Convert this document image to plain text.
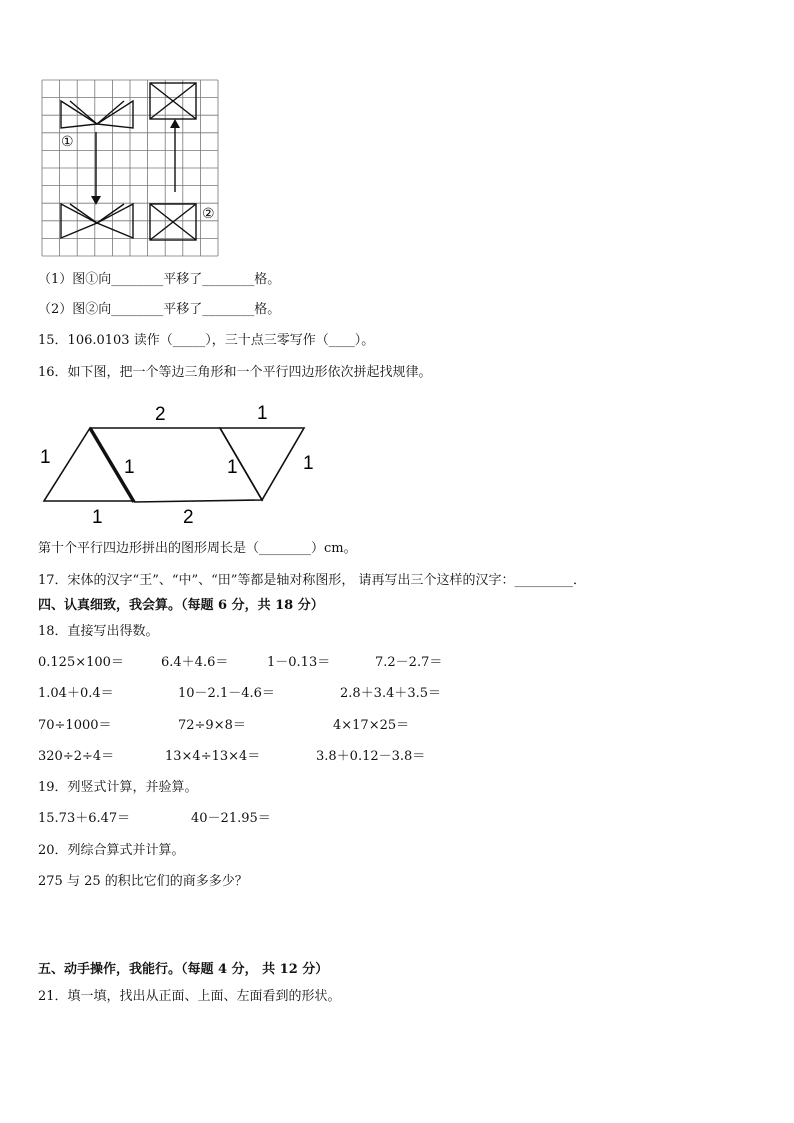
①
②
（1）图①向________平移了________格。
（2）图②向________平移了________格。
15．106.0103 读作（_____），三十点三零写作（____）。
16．如下图，把一个等边三角形和一个平行四边形依次拼起找规律。
2	1
1	1	1	1
1	2
第十个平行四边形拼出的图形周长是（________）cm。
17．宋体的汉字“王”、“中”、“田”等都是轴对称图形， 请再写出三个这样的汉字：_________．
四、认真细致，我会算。（每题 6 分，共 18 分）
18．直接写出得数。
0.125×100＝	6.4＋4.6＝	1－0.13＝	7.2－2.7＝
1.04＋0.4＝	10－2.1－4.6＝	2.8＋3.4＋3.5＝
70÷1000＝	72÷9×8＝	4×17×25＝
320÷2÷4＝	13×4÷13×4＝	3.8＋0.12－3.8＝
19．列竖式计算，并验算。
15.73＋6.47＝	40－21.95＝
20．列综合算式并计算。
275 与 25 的积比它们的商多多少？
五、动手操作，我能行。（每题 4 分， 共 12 分）
21．填一填，找出从正面、上面、左面看到的形状。
